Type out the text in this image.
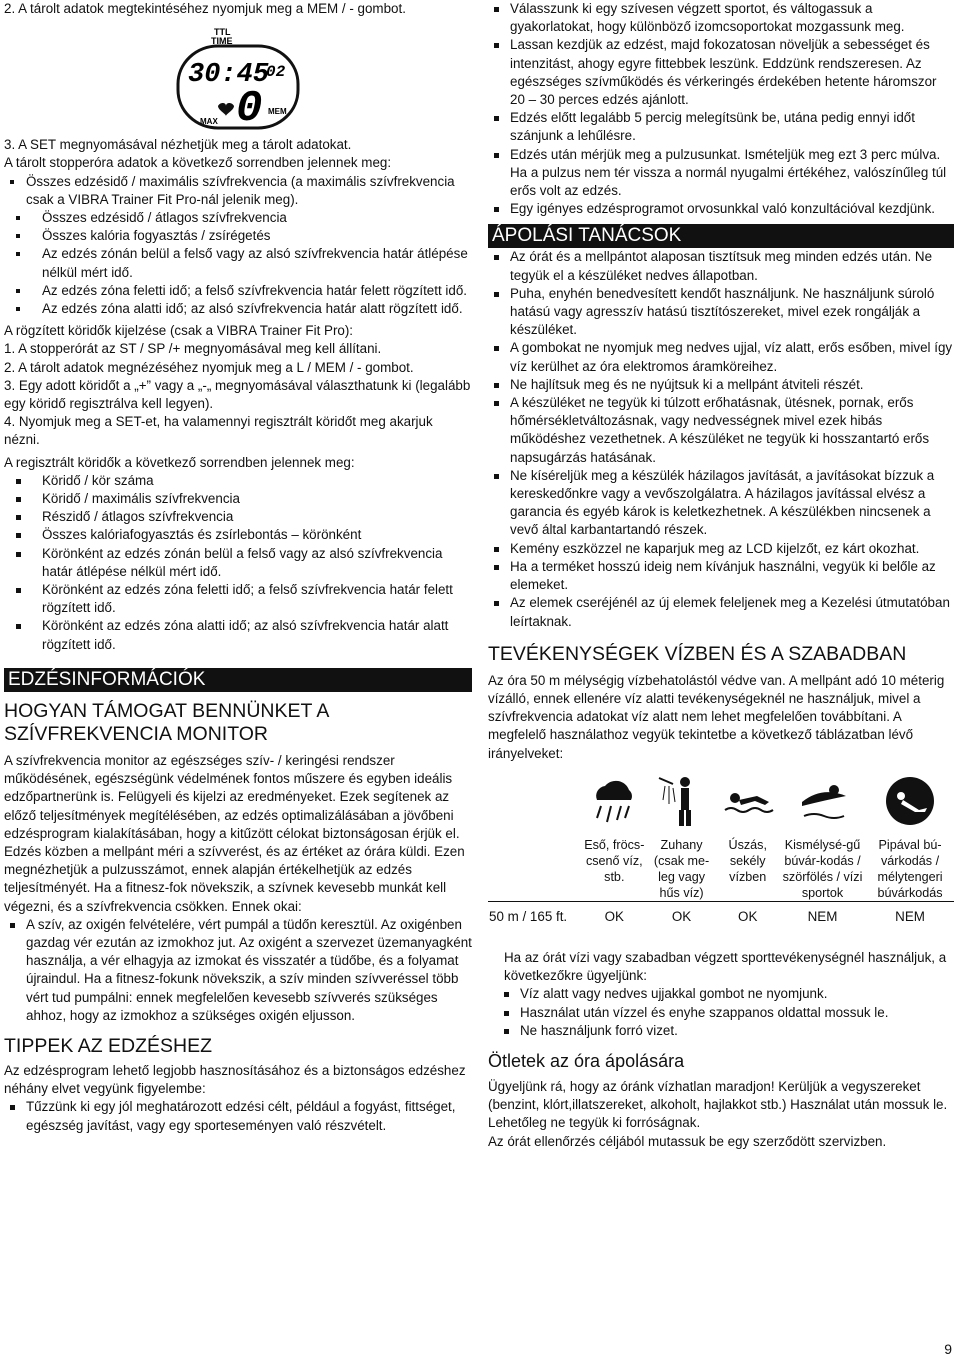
2. A tárolt adatok megtekintéséhez nyomjuk meg a MEM / - gombot.

TTL
TIME
30:45
02
0
MAX
MEM

3. A SET megnyomásával nézhetjük meg a tárolt adatokat.

A tárolt stopperóra adatok a következő sorrendben jelennek meg:

Összes edzésidő / maximális szívfrekvencia (a maximális szívfrekvencia csak a VIBRA Trainer Fit Pro-nál jelenik meg).
Összes edzésidő / átlagos szívfrekvencia
Összes kalória fogyasztás / zsírégetés
Az edzés zónán belül a felső vagy az alsó szívfrekvencia határ átlépése nélkül mért idő.
Az edzés zóna feletti idő; a felső szívfrekvencia határ felett rögzített idő.
Az edzés zóna alatti idő; az alsó szívfrekvencia határ alatt rögzített idő.

A rögzített köridők kijelzése (csak a VIBRA Trainer Fit Pro):

1. A stopperórát az ST / SP /+ megnyomásával meg kell állítani.

2. A tárolt adatok megnézéséhez nyomjuk meg a L / MEM / - gombot.

3. Egy adott köridőt a „+” vagy a „-„ megnyomásával választhatunk ki (legalább egy köridő regisztrálva kell legyen).

4. Nyomjuk meg a SET-et, ha valamennyi regisztrált köridőt meg akarjuk nézni.

A regisztrált köridők a következő sorrendben jelennek meg:

Köridő / kör száma
Köridő / maximális szívfrekvencia
Részidő / átlagos szívfrekvencia
Összes kalóriafogyasztás és zsírlebontás – körönként
Körönként az edzés zónán belül a felső vagy az alsó szívfrekvencia határ átlépése nélkül mért idő.
Körönként az edzés zóna feletti idő; a felső szívfrekvencia határ felett rögzített idő.
Körönként az edzés zóna alatti idő; az alsó szívfrekvencia határ alatt rögzített idő.
EDZÉSINFORMÁCIÓK
HOGYAN TÁMOGAT BENNÜNKET A SZÍVFREKVENCIA MONITOR

A szívfrekvencia monitor az egészséges szív- / keringési rendszer működésének, egészségünk védelmének fontos műszere és egyben ideális edzőpartnerünk is. Felügyeli és kijelzi az eredményeket. Ezek segítenek az előző teljesítmények megítélésében, az edzés optimalizálásában a jövőbeni edzésprogram kialakításában, hogy a kitűzött célokat biztonságosan érjük el.

Edzés közben a mellpánt méri a szívverést, és az értéket az órára küldi. Ezen megnézhetjük a pulzusszámot, ennek alapján értékelhetjük az edzés teljesítményét. Ha a fitnesz-fok növekszik, a szívnek kevesebb munkát kell végezni, és a szívfrekvencia csökken. Ennek okai:

A szív, az oxigén felvételére, vért pumpál a tüdőn keresztül. Az oxigénben gazdag vér ezután az izmokhoz jut. Az oxigént a szervezet üzemanyagként használja, a vér elhagyja az izmokat és visszatér a tüdőbe, és a folyamat újraindul. Ha a fitnesz-fokunk növekszik, a szív minden szívveréssel több vért tud pumpálni: ennek megfelelően kevesebb szívverés szükséges ahhoz, hogy az izmokhoz a szükséges oxigén eljusson.
TIPPEK AZ EDZÉSHEZ

Az edzésprogram lehető legjobb hasznosításához és a biztonságos edzéshez néhány elvet vegyünk figyelembe:

Tűzzünk ki egy jól meghatározott edzési célt, például a fogyást, fittséget, egészség javítást, vagy egy sporteseményen való részvételt.
Válasszunk ki egy szívesen végzett sportot, és váltogassuk a gyakorlatokat, hogy különböző izomcsoportokat mozgassunk meg.
Lassan kezdjük az edzést, majd fokozatosan növeljük a sebességet és intenzitást, ahogy egyre fittebbek leszünk. Eddzünk rendszeresen. Az egészséges szívműködés és vérkeringés érdekében hetente háromszor 20 – 30 perces edzés ajánlott.
Edzés előtt legalább 5 percig melegítsünk be, utána pedig ennyi időt szánjunk a lehűlésre.
Edzés után mérjük meg a pulzusunkat. Ismételjük meg ezt 3 perc múlva. Ha a pulzus nem tér vissza a normál nyugalmi értékéhez, valószínűleg túl erős volt az edzés.
Egy igényes edzésprogramot orvosunkkal való konzultációval kezdjünk.
ÁPOLÁSI TANÁCSOK
Az órát és a mellpántot alaposan tisztítsuk meg minden edzés után. Ne tegyük el a készüléket nedves állapotban.
Puha, enyhén benedvesített kendőt használjunk. Ne használjunk súroló hatású vagy agresszív hatású tisztítószereket, mivel ezek rongálják a készüléket.
A gombokat ne nyomjuk meg nedves ujjal, víz alatt, erős esőben, mivel így víz kerülhet az óra elektromos áramköreihez.
Ne hajlítsuk meg és ne nyújtsuk ki a mellpánt átviteli részét.
A készüléket ne tegyük ki túlzott erőhatásnak, ütésnek, pornak, erős hőmérsékletváltozásnak, vagy nedvességnek mivel ezek hibás működéshez vezethetnek. A készüléket ne tegyük ki hosszantartó erős napsugárzás hatásának.
Ne kíséreljük meg a készülék házilagos javítását, a javításokat bízzuk a kereskedőnkre vagy a vevőszolgálatra. A házilagos javítással elvész a garancia és egyéb károk is keletkezhetnek. A készülékben nincsenek a vevő által karbantartandó részek.
Kemény eszközzel ne kaparjuk meg az LCD kijelzőt, ez kárt okozhat.
Ha a terméket hosszú ideig nem kívánjuk használni, vegyük ki belőle az elemeket.
Az elemek cseréjénél az új elemek feleljenek meg a Kezelési útmutatóban leírtaknak.
TEVÉKENYSÉGEK VÍZBEN ÉS A SZABADBAN

Az óra 50 m mélységig vízbehatolástól védve van. A mellpánt adó 10 méterig vízálló, ennek ellenére víz alatti tevékenységeknél ne használjuk, mivel a szívfrekvencia adatokat víz alatt nem lehet megfelelően továbbítani. A megfelelő használathoz vegyük tekintetbe a következő táblázatban lévő irányelveket:

	Eső, fröcs-csenő víz, stb.	Zuhany (csak me-leg vagy hűs víz)	Úszás, sekély vízben	Kismélysé-gű búvár-kodás / szörfölés / vízi sportok	Pipával bú-várkodás / mélytengeri búvárkodás
50 m / 165 ft.	OK	OK	OK	NEM	NEM

Ha az órát vízi vagy szabadban végzett sporttevékenységnél használjuk, a következőkre ügyeljünk:

Víz alatt vagy nedves ujjakkal gombot ne nyomjunk.
Használat után vízzel és enyhe szappanos oldattal mossuk le.
Ne használjunk forró vizet.
Ötletek az óra ápolására

Ügyeljünk rá, hogy az óránk vízhatlan maradjon! Kerüljük a vegyszereket (benzint, klórt,illatszereket, alkoholt, hajlakkot stb.) Használat után mossuk le. Lehetőleg ne tegyük ki forróságnak.

Az órát ellenőrzés céljából mutassuk be egy szerződött szervizben.

9
